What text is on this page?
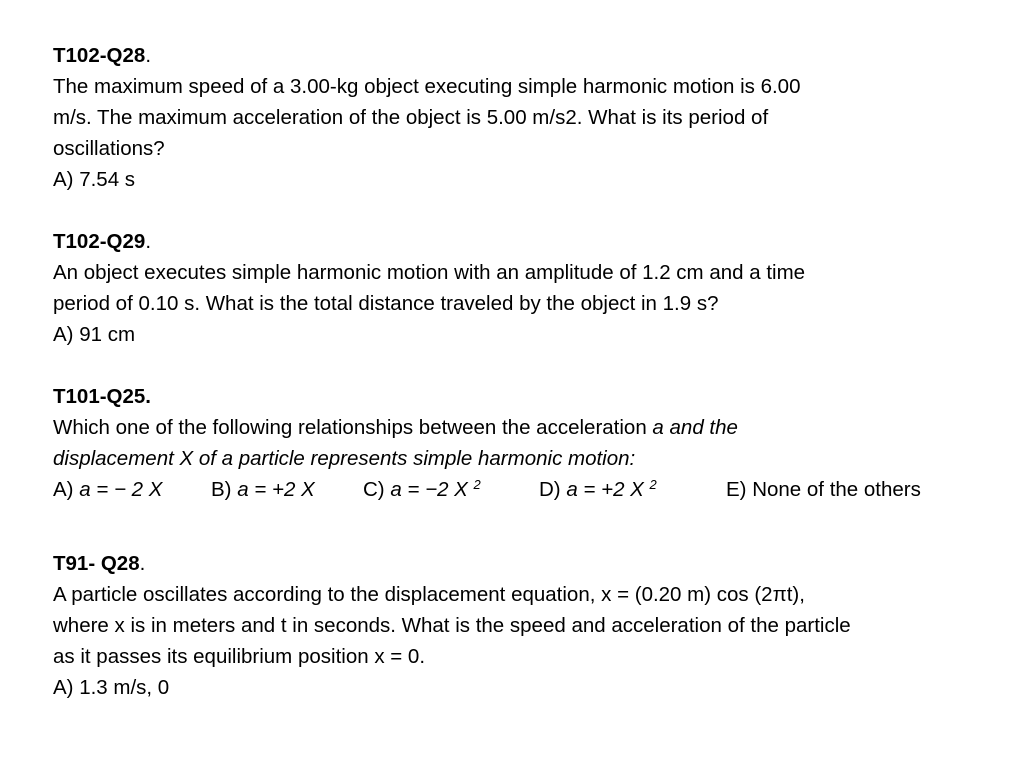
T102-Q28.
The maximum speed of a 3.00-kg object executing simple harmonic motion is 6.00
m/s. The maximum acceleration of the object is 5.00 m/s2. What is its period of
oscillations?
A) 7.54 s
T102-Q29.
An object executes simple harmonic motion with an amplitude of 1.2 cm and a time
period of 0.10 s. What is the total distance traveled by the object in 1.9 s?
A) 91 cm
T101-Q25.
Which one of the following relationships between the acceleration a and the
displacement X of a particle represents simple harmonic motion:
A) a = − 2 X B) a = +2 X C) a = −2 X $^2$	D) a = +2 X $^2$	E) None of the others
T91- Q28.
A particle oscillates according to the displacement equation, x = (0.20 m) cos (2πt),
where x is in meters and t in seconds. What is the speed and acceleration of the particle
as it passes its equilibrium position x = 0.
A) 1.3 m/s, 0
